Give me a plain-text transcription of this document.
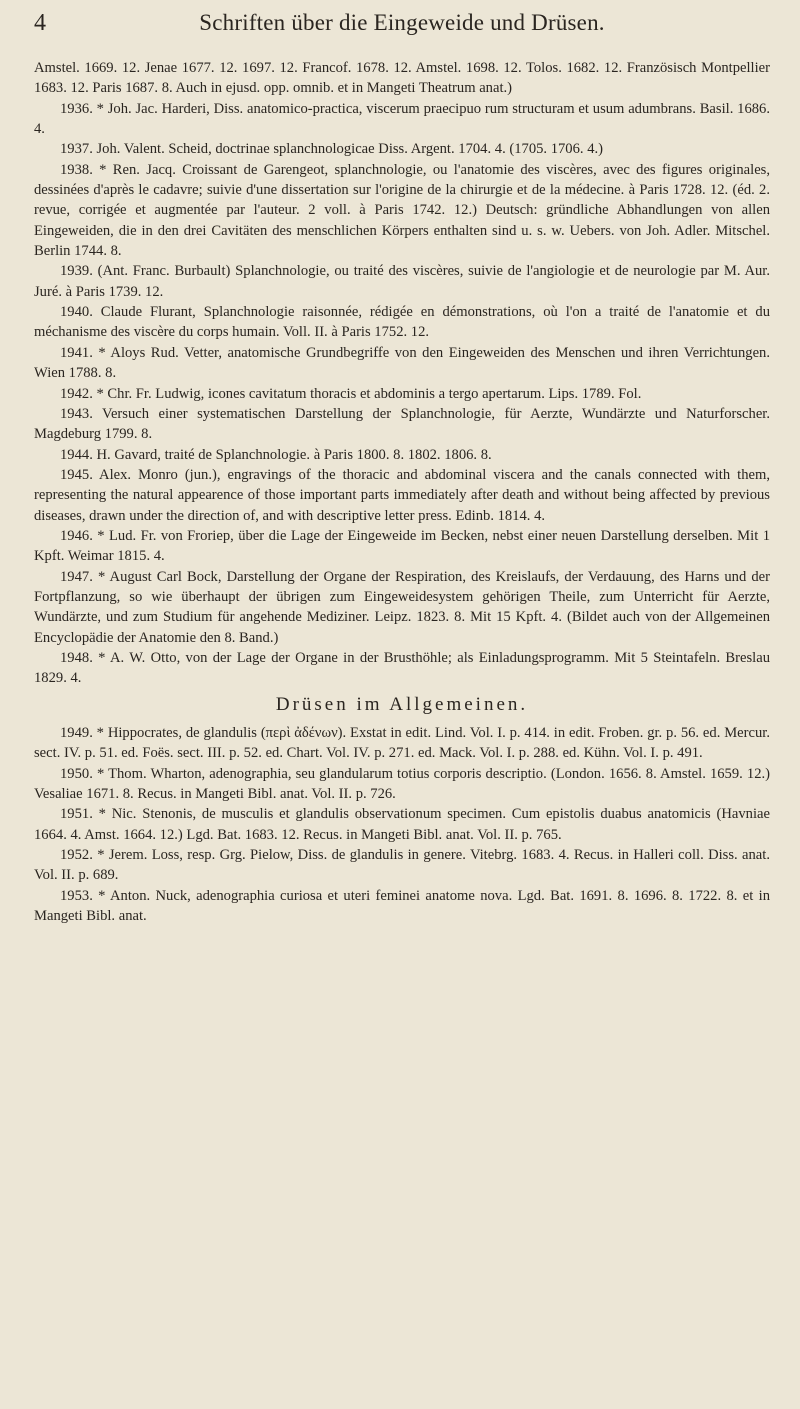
4	Schriften über die Eingeweide und Drüsen.

Amstel. 1669. 12. Jenae 1677. 12. 1697. 12. Francof. 1678. 12. Amstel. 1698. 12. Tolos. 1682. 12. Französisch Montpellier 1683. 12. Paris 1687. 8. Auch in ejusd. opp. omnib. et in Mangeti Theatrum anat.)

1936. * Joh. Jac. Harderi, Diss. anatomico-practica, viscerum praecipuo rum structuram et usum adumbrans. Basil. 1686. 4.

1937. Joh. Valent. Scheid, doctrinae splanchnologicae Diss. Argent. 1704. 4. (1705. 1706. 4.)

1938. * Ren. Jacq. Croissant de Garengeot, splanchnologie, ou l'anatomie des viscères, avec des figures originales, dessinées d'après le cadavre; suivie d'une dissertation sur l'origine de la chirurgie et de la médecine. à Paris 1728. 12. (éd. 2. revue, corrigée et augmentée par l'auteur. 2 voll. à Paris 1742. 12.) Deutsch: gründliche Abhandlungen von allen Eingeweiden, die in den drei Cavitäten des menschlichen Körpers enthalten sind u. s. w. Uebers. von Joh. Adler. Mitschel. Berlin 1744. 8.

1939. (Ant. Franc. Burbault) Splanchnologie, ou traité des viscères, suivie de l'angiologie et de neurologie par M. Aur. Juré. à Paris 1739. 12.

1940. Claude Flurant, Splanchnologie raisonnée, rédigée en démonstrations, où l'on a traité de l'anatomie et du méchanisme des viscère du corps humain. Voll. II. à Paris 1752. 12.

1941. * Aloys Rud. Vetter, anatomische Grundbegriffe von den Eingeweiden des Menschen und ihren Verrichtungen. Wien 1788. 8.

1942. * Chr. Fr. Ludwig, icones cavitatum thoracis et abdominis a tergo apertarum. Lips. 1789. Fol.

1943. Versuch einer systematischen Darstellung der Splanchnologie, für Aerzte, Wundärzte und Naturforscher. Magdeburg 1799. 8.

1944. H. Gavard, traité de Splanchnologie. à Paris 1800. 8. 1802. 1806. 8.

1945. Alex. Monro (jun.), engravings of the thoracic and abdominal viscera and the canals connected with them, representing the natural appearence of those important parts immediately after death and without being affected by previous diseases, drawn under the direction of, and with descriptive letter press. Edinb. 1814. 4.

1946. * Lud. Fr. von Froriep, über die Lage der Eingeweide im Becken, nebst einer neuen Darstellung derselben. Mit 1 Kpft. Weimar 1815. 4.

1947. * August Carl Bock, Darstellung der Organe der Respiration, des Kreislaufs, der Verdauung, des Harns und der Fortpflanzung, so wie überhaupt der übrigen zum Eingeweidesystem gehörigen Theile, zum Unterricht für Aerzte, Wundärzte, und zum Studium für angehende Mediziner. Leipz. 1823. 8. Mit 15 Kpft. 4. (Bildet auch von der Allgemeinen Encyclopädie der Anatomie den 8. Band.)

1948. * A. W. Otto, von der Lage der Organe in der Brusthöhle; als Einladungsprogramm. Mit 5 Steintafeln. Breslau 1829. 4.

Drüsen im Allgemeinen.

1949. * Hippocrates, de glandulis (περὶ ἀδένων). Exstat in edit. Lind. Vol. I. p. 414. in edit. Froben. gr. p. 56. ed. Mercur. sect. IV. p. 51. ed. Foës. sect. III. p. 52. ed. Chart. Vol. IV. p. 271. ed. Mack. Vol. I. p. 288. ed. Kühn. Vol. I. p. 491.

1950. * Thom. Wharton, adenographia, seu glandularum totius corporis descriptio. (London. 1656. 8. Amstel. 1659. 12.) Vesaliae 1671. 8. Recus. in Mangeti Bibl. anat. Vol. II. p. 726.

1951. * Nic. Stenonis, de musculis et glandulis observationum specimen. Cum epistolis duabus anatomicis (Havniae 1664. 4. Amst. 1664. 12.) Lgd. Bat. 1683. 12. Recus. in Mangeti Bibl. anat. Vol. II. p. 765.

1952. * Jerem. Loss, resp. Grg. Pielow, Diss. de glandulis in genere. Vitebrg. 1683. 4. Recus. in Halleri coll. Diss. anat. Vol. II. p. 689.

1953. * Anton. Nuck, adenographia curiosa et uteri feminei anatome nova. Lgd. Bat. 1691. 8. 1696. 8. 1722. 8. et in Mangeti Bibl. anat.
